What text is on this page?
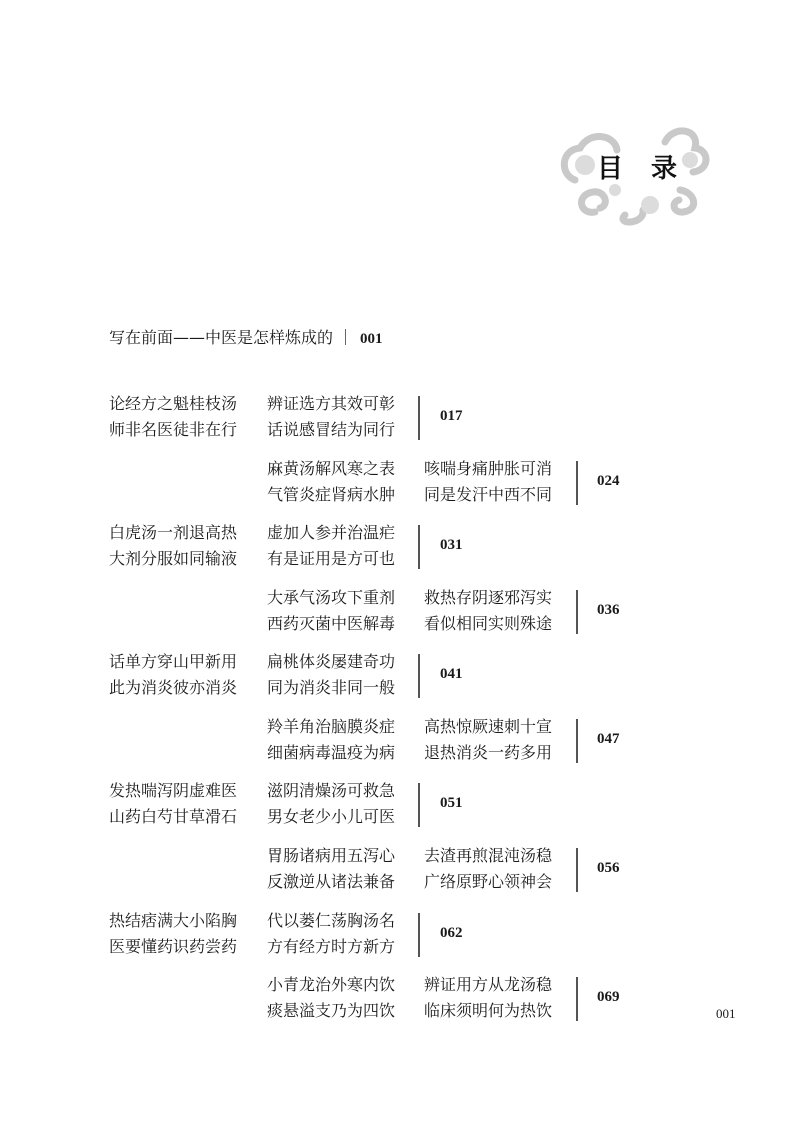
目 录
写在前面——中医是怎样炼成的 001
论经方之魁桂枝汤
师非名医徒非在行
辨证选方其效可彰
话说感冒结为同行
017
麻黄汤解风寒之表
气管炎症肾病水肿
咳喘身痛肿胀可消
同是发汗中西不同
024
白虎汤一剂退高热
大剂分服如同输液
虚加人参并治温疟
有是证用是方可也
031
大承气汤攻下重剂
西药灭菌中医解毒
救热存阴逐邪泻实
看似相同实则殊途
036
话单方穿山甲新用
此为消炎彼亦消炎
扁桃体炎屡建奇功
同为消炎非同一般
041
羚羊角治脑膜炎症
细菌病毒温疫为病
高热惊厥速刺十宣
退热消炎一药多用
047
发热喘泻阴虚难医
山药白芍甘草滑石
滋阴清燥汤可救急
男女老少小儿可医
051
胃肠诸病用五泻心
反激逆从诸法兼备
去渣再煎混沌汤稳
广络原野心领神会
056
热结痞满大小陷胸
医要懂药识药尝药
代以蒌仁荡胸汤名
方有经方时方新方
062
小青龙治外寒内饮
痰悬溢支乃为四饮
辨证用方从龙汤稳
临床须明何为热饮
069
001
